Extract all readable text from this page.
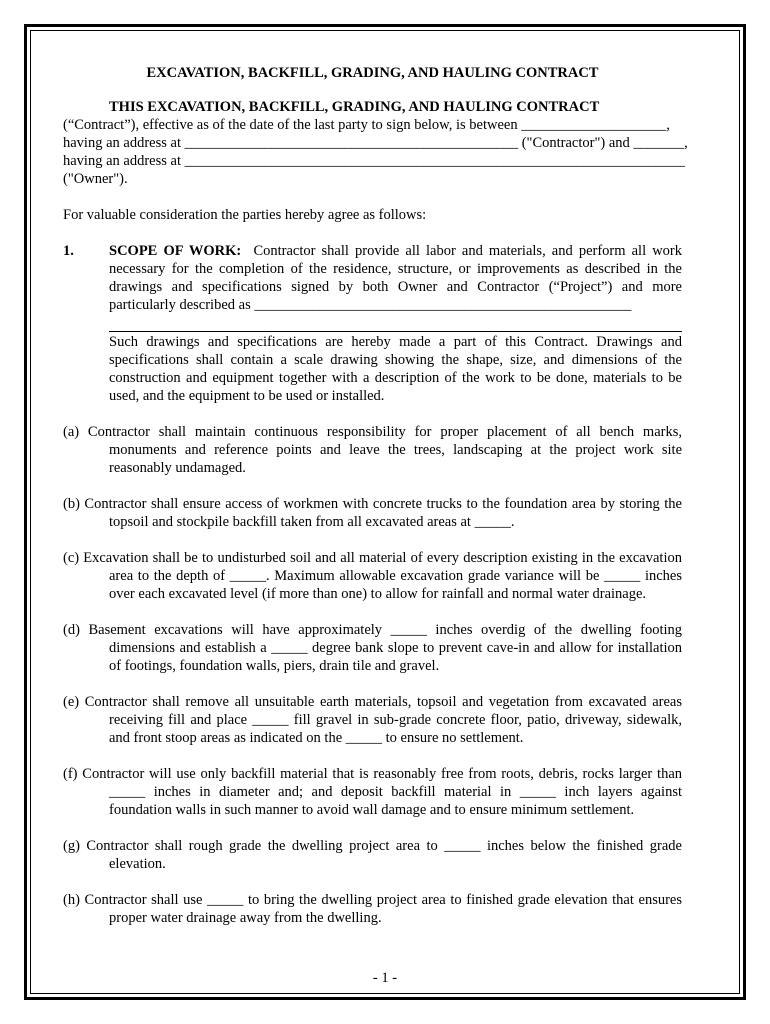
EXCAVATION, BACKFILL, GRADING, AND HAULING CONTRACT

THIS EXCAVATION, BACKFILL, GRADING, AND HAULING CONTRACT

(“Contract”), effective as of the date of the last party to sign below, is between ____________________,

having an address at ______________________________________________ ("Contractor") and _______,

having an address at _____________________________________________________________________

("Owner").

For valuable consideration the parties hereby agree as follows:

1.	SCOPE OF WORK: Contractor shall provide all labor and materials, and perform all work necessary for the completion of the residence, structure, or improvements as described in the drawings and specifications signed by both Owner and Contractor (“Project”) and more particularly described as ____________________________________________________
Such drawings and specifications are hereby made a part of this Contract. Drawings and specifications shall contain a scale drawing showing the shape, size, and dimensions of the construction and equipment together with a description of the work to be done, materials to be used, and the equipment to be used or installed.

(a) Contractor shall maintain continuous responsibility for proper placement of all bench marks, monuments and reference points and leave the trees, landscaping at the project work site reasonably undamaged.

(b) Contractor shall ensure access of workmen with concrete trucks to the foundation area by storing the topsoil and stockpile backfill taken from all excavated areas at _____.

(c) Excavation shall be to undisturbed soil and all material of every description existing in the excavation area to the depth of _____. Maximum allowable excavation grade variance will be _____ inches over each excavated level (if more than one) to allow for rainfall and normal water drainage.

(d) Basement excavations will have approximately _____ inches overdig of the dwelling footing dimensions and establish a _____ degree bank slope to prevent cave-in and allow for installation of footings, foundation walls, piers, drain tile and gravel.

(e) Contractor shall remove all unsuitable earth materials, topsoil and vegetation from excavated areas receiving fill and place _____ fill gravel in sub-grade concrete floor, patio, driveway, sidewalk, and front stoop areas as indicated on the _____ to ensure no settlement.

(f) Contractor will use only backfill material that is reasonably free from roots, debris, rocks larger than _____ inches in diameter and; and deposit backfill material in _____ inch layers against foundation walls in such manner to avoid wall damage and to ensure minimum settlement.

(g) Contractor shall rough grade the dwelling project area to _____ inches below the finished grade elevation.

(h) Contractor shall use _____ to bring the dwelling project area to finished grade elevation that ensures proper water drainage away from the dwelling.

- 1 -
